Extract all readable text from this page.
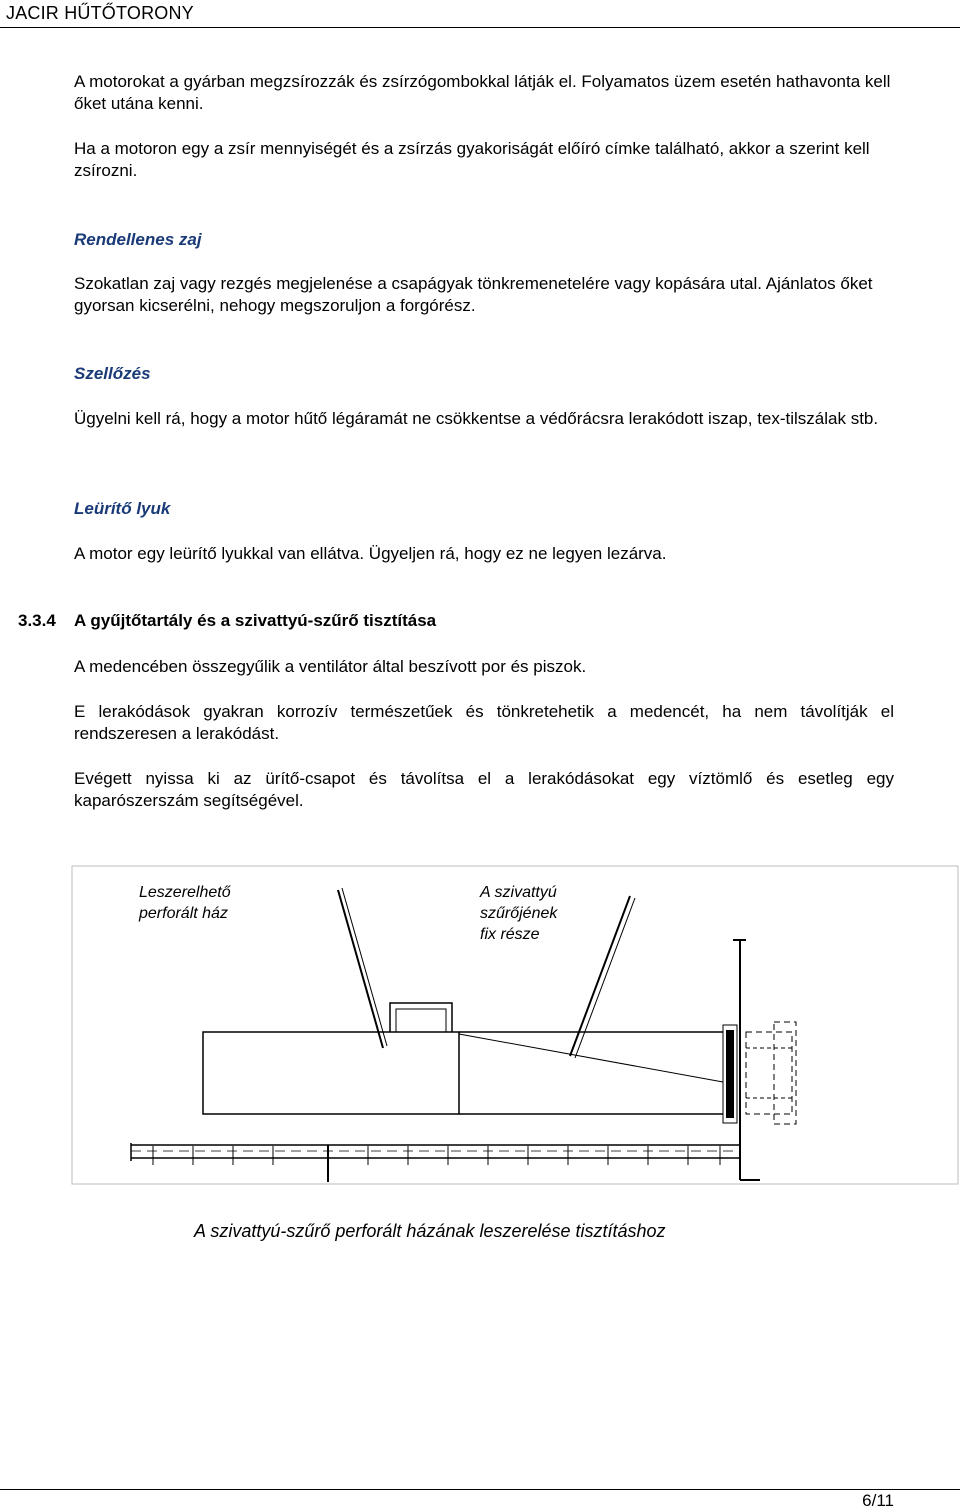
JACIR HŰTŐTORONY

A motorokat a gyárban megzsírozzák és zsírzógombokkal látják el. Folyamatos üzem esetén hathavonta kell őket utána kenni.

Ha a motoron egy a zsír mennyiségét és a zsírzás gyakoriságát előíró címke található, akkor a szerint kell zsírozni.

Rendellenes zaj

Szokatlan zaj vagy rezgés megjelenése a csapágyak tönkremenetelére vagy kopására utal. Ajánlatos őket gyorsan kicserélni, nehogy megszoruljon a forgórész.

Szellőzés

Ügyelni kell rá, hogy a motor hűtő légáramát ne csökkentse a védőrácsra lerakódott iszap, tex-tilszálak stb.

Leürítő lyuk

A motor egy leürítő lyukkal van ellátva. Ügyeljen rá, hogy ez ne legyen lezárva.

3.3.4 A gyűjtőtartály és a szivattyú-szűrő tisztítása

A medencében összegyűlik a ventilátor által beszívott por és piszok.

E lerakódások gyakran korrozív természetűek és tönkretehetik a medencét, ha nem távolítják el rendszeresen a lerakódást.

Evégett nyissa ki az ürítő-csapot és távolítsa el a lerakódásokat egy víztömlő és esetleg egy kaparószerszám segítségével.

Leszerelhető
perforált ház
A szivattyú
szűrőjének
fix része
A szivattyú-szűrő perforált házának leszerelése tisztításhoz
6/11
